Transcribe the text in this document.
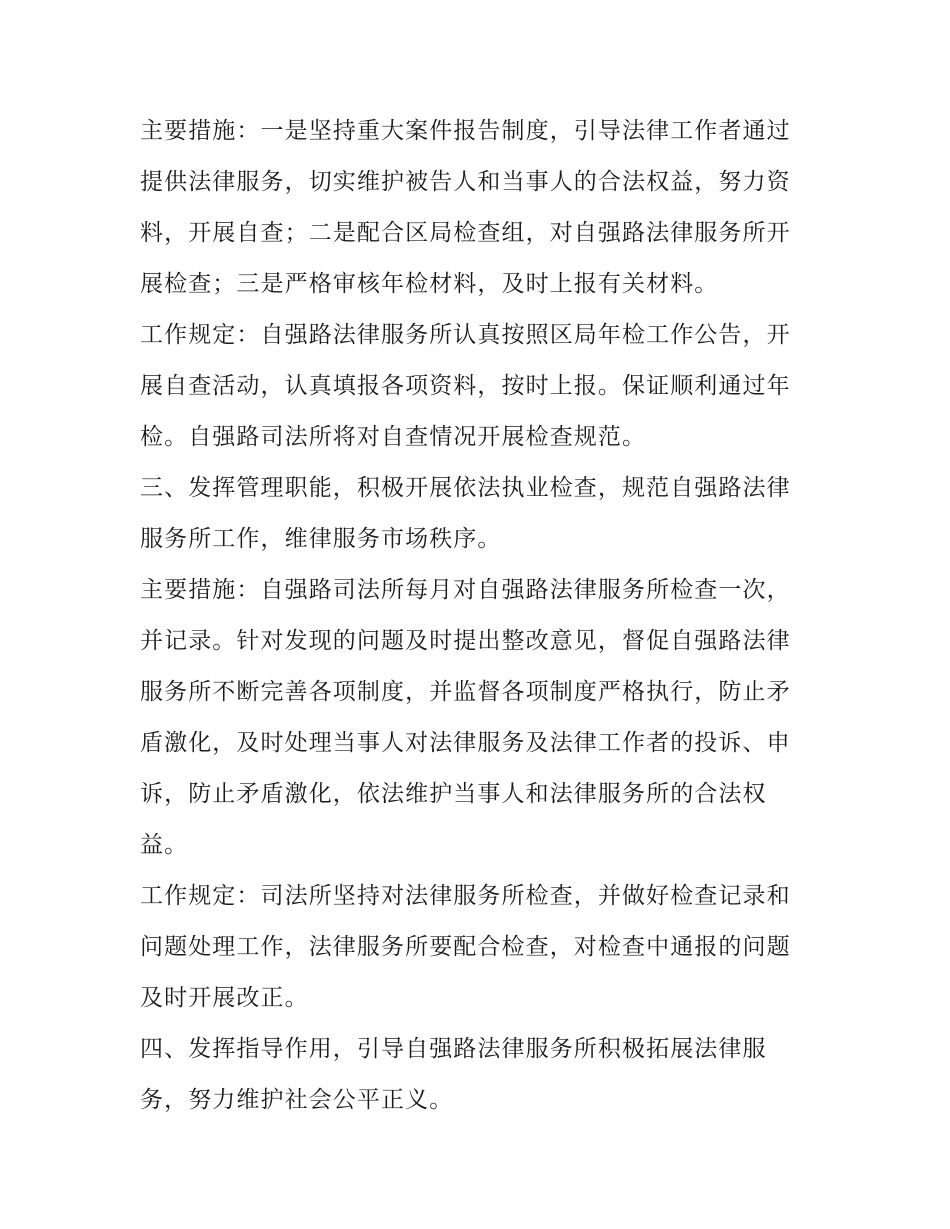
主要措施：一是坚持重大案件报告制度，引导法律工作者通过
提供法律服务，切实维护被告人和当事人的合法权益，努力资
料，开展自查；二是配合区局检查组，对自强路法律服务所开
展检查；三是严格审核年检材料，及时上报有关材料。
工作规定：自强路法律服务所认真按照区局年检工作公告，开
展自查活动，认真填报各项资料，按时上报。保证顺利通过年
检。自强路司法所将对自查情况开展检查规范。
三、发挥管理职能，积极开展依法执业检查，规范自强路法律
服务所工作，维律服务市场秩序。
主要措施：自强路司法所每月对自强路法律服务所检查一次，
并记录。针对发现的问题及时提出整改意见，督促自强路法律
服务所不断完善各项制度，并监督各项制度严格执行，防止矛
盾激化，及时处理当事人对法律服务及法律工作者的投诉、申
诉，防止矛盾激化，依法维护当事人和法律服务所的合法权
益。
工作规定：司法所坚持对法律服务所检查，并做好检查记录和
问题处理工作，法律服务所要配合检查，对检查中通报的问题
及时开展改正。
四、发挥指导作用，引导自强路法律服务所积极拓展法律服
务，努力维护社会公平正义。
